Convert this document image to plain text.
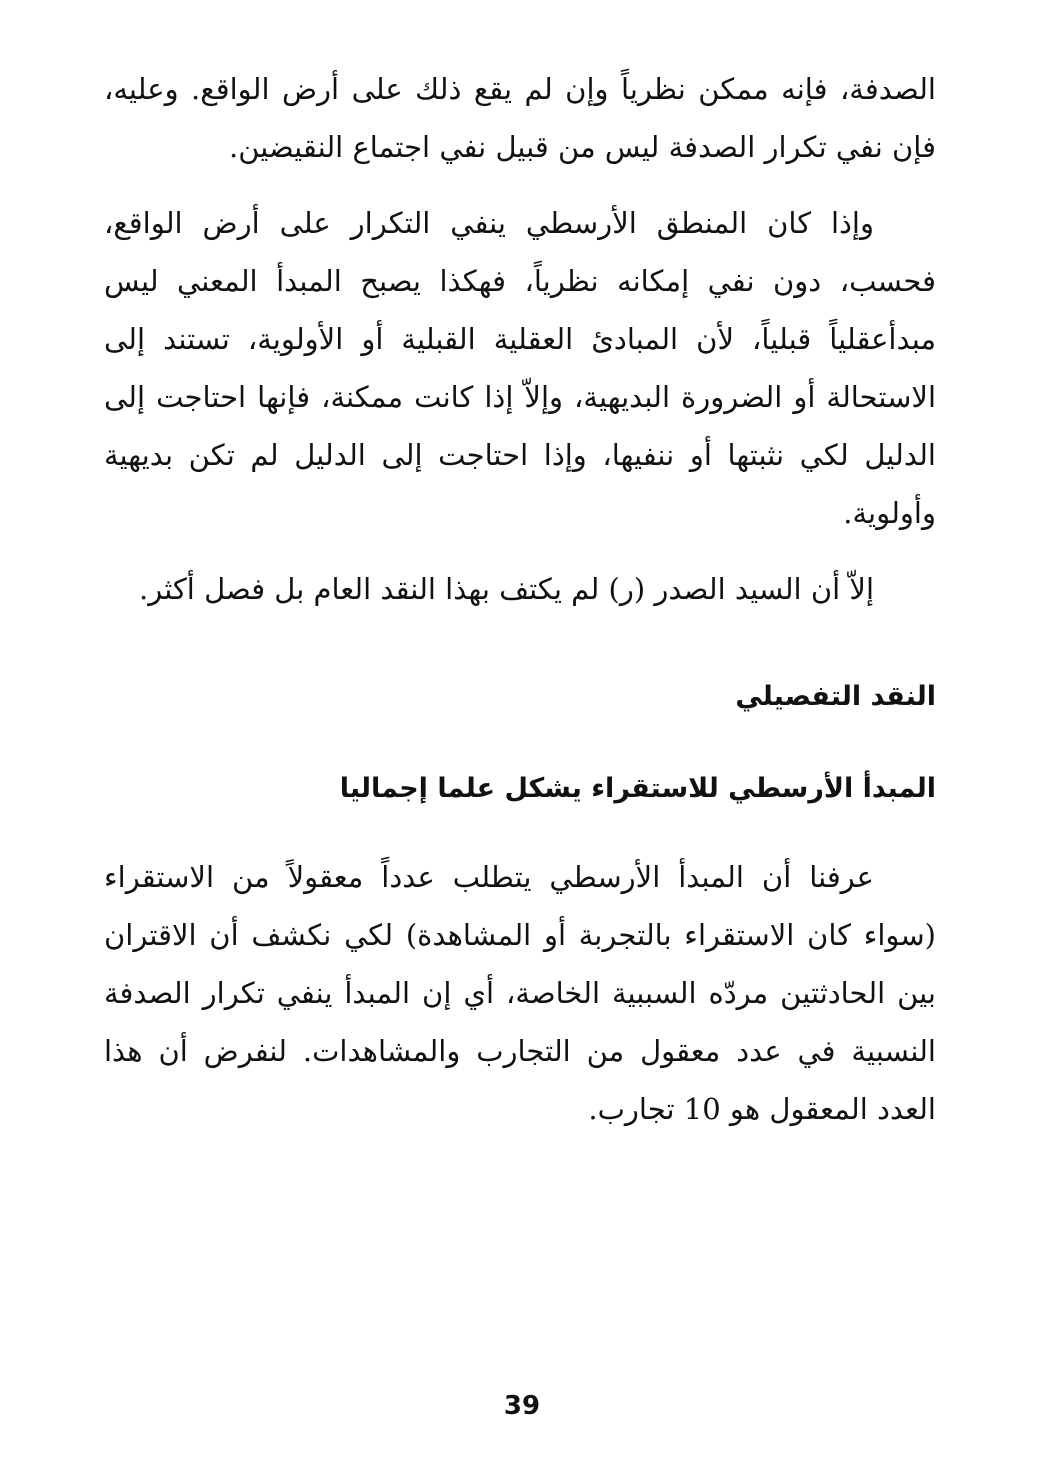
الصدفة، فإنه ممكن نظرياً وإن لم يقع ذلك على أرض الواقع. وعليه، فإن نفي تكرار الصدفة ليس من قبيل نفي اجتماع النقيضين.

وإذا كان المنطق الأرسطي ينفي التكرار على أرض الواقع، فحسب، دون نفي إمكانه نظرياً، فهكذا يصبح المبدأ المعني ليس مبدأعقلياً قبلياً، لأن المبادئ العقلية القبلية أو الأولوية، تستند إلى الاستحالة أو الضرورة البديهية، وإلاّ إذا كانت ممكنة، فإنها احتاجت إلى الدليل لكي نثبتها أو ننفيها، وإذا احتاجت إلى الدليل لم تكن بديهية وأولوية.

إلاّ أن السيد الصدر (ر) لم يكتف بهذا النقد العام بل فصل أكثر.

النقد التفصيلي
المبدأ الأرسطي للاستقراء يشكل علما إجماليا

عرفنا أن المبدأ الأرسطي يتطلب عدداً معقولاً من الاستقراء (سواء كان الاستقراء بالتجربة أو المشاهدة) لكي نكشف أن الاقتران بين الحادثتين مردّه السببية الخاصة، أي إن المبدأ ينفي تكرار الصدفة النسبية في عدد معقول من التجارب والمشاهدات. لنفرض أن هذا العدد المعقول هو 10 تجارب.

39
